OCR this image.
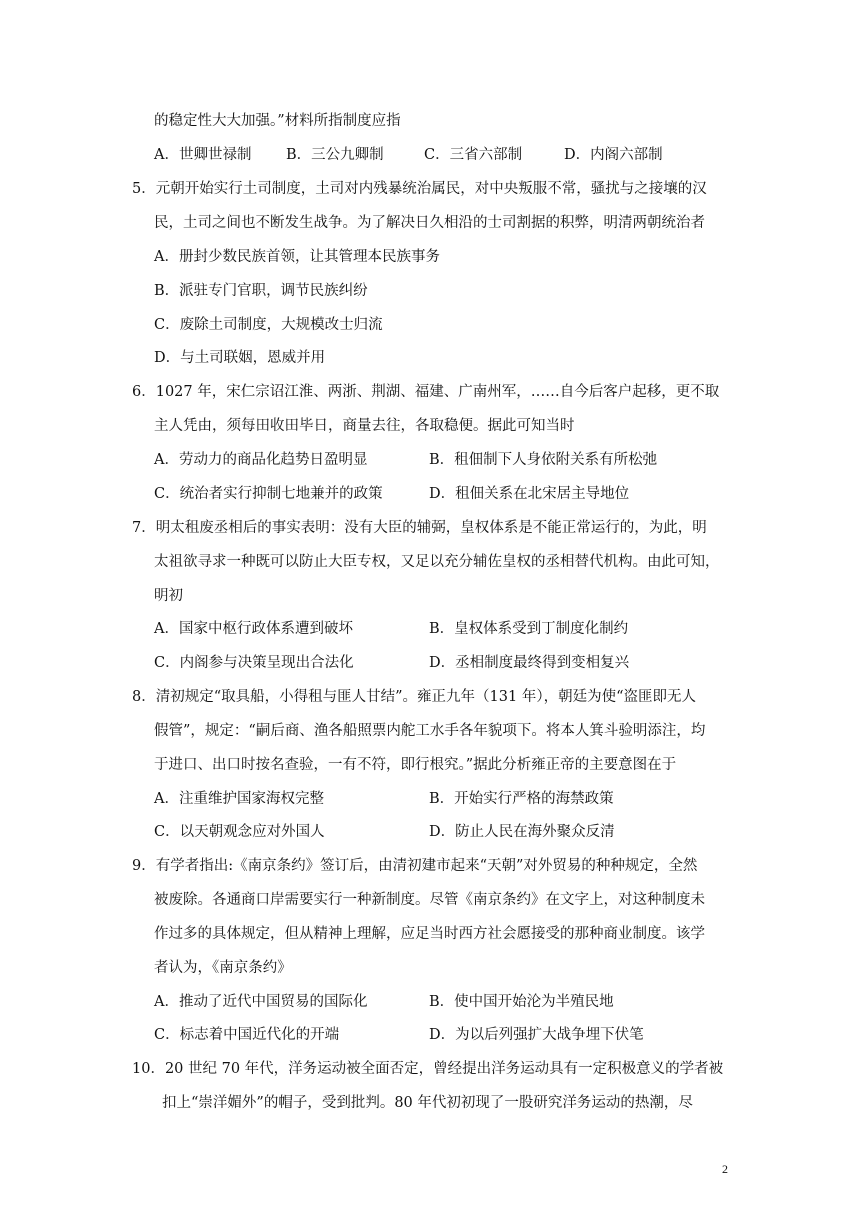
的稳定性大大加强。”材料所指制度应指
A．世卿世禄制 B．三公九卿制	C．三省六部制	D．内阁六部制
5．元朝开始实行土司制度，土司对内残暴统治属民，对中央叛服不常，骚扰与之接壤的汉
民，土司之间也不断发生战争。为了解决日久相沿的士司割据的积弊，明清两朝统治者
A．册封少数民族首领，让其管理本民族事务
B．派驻专门官职，调节民族纠纷
C．废除土司制度，大规模改士归流
D．与土司联姻，恩威并用
6．1027 年，宋仁宗诏江淮、两浙、荆湖、福建、广南州军，……自今后客户起移，更不取
主人凭由，须每田收田毕日，商量去往，各取稳便。据此可知当时
A．劳动力的商品化趋势日盈明显	B．租佃制下人身依附关系有所松弛
C．统治者实行抑制七地兼并的政策	D．租佃关系在北宋居主导地位
7．明太租废丞相后的事实表明：没有大臣的辅弼，皇权体系是不能正常运行的，为此，明
太祖欲寻求一种既可以防止大臣专权，又足以充分辅佐皇权的丞相替代机构。由此可知，
明初
A．国家中枢行政体系遭到破坏	B．皇权体系受到丁制度化制约
C．内阁参与决策呈现出合法化	D．丞相制度最终得到变相复兴
8．清初规定“取具船，小得租与匪人甘结”。雍正九年（131 年），朝廷为使“盗匪即无人
假管”，规定：“嗣后商、渔各船照票内舵工水手各年貌项下。将本人箕斗验明添注，均
于进口、出口时按名查验，一有不符，即行根究。”据此分析雍正帝的主要意图在于
A．注重维护国家海权完整	B．开始实行严格的海禁政策
C．以天朝观念应对外国人	D．防止人民在海外聚众反清
9．有学者指出:《南京条约》签订后，由清初建市起来“天朝”对外贸易的种种规定，全然
被废除。各通商口岸需要实行一种新制度。尽管《南京条约》在文字上，对这种制度未
作过多的具体规定，但从精神上理解，应足当时西方社会愿接受的那种商业制度。该学
者认为，《南京条约》
A．推动了近代中国贸易的国际化	B．使中国开始沦为半殖民地
C．标志着中国近代化的开端	D．为以后列强扩大战争埋下伏笔
10．20 世纪 70 年代，洋务运动被全面否定，曾经提出洋务运动具有一定积极意义的学者被
扣上“崇洋媚外”的帽子，受到批判。80 年代初初现了一股研究洋务运动的热潮，尽
2
